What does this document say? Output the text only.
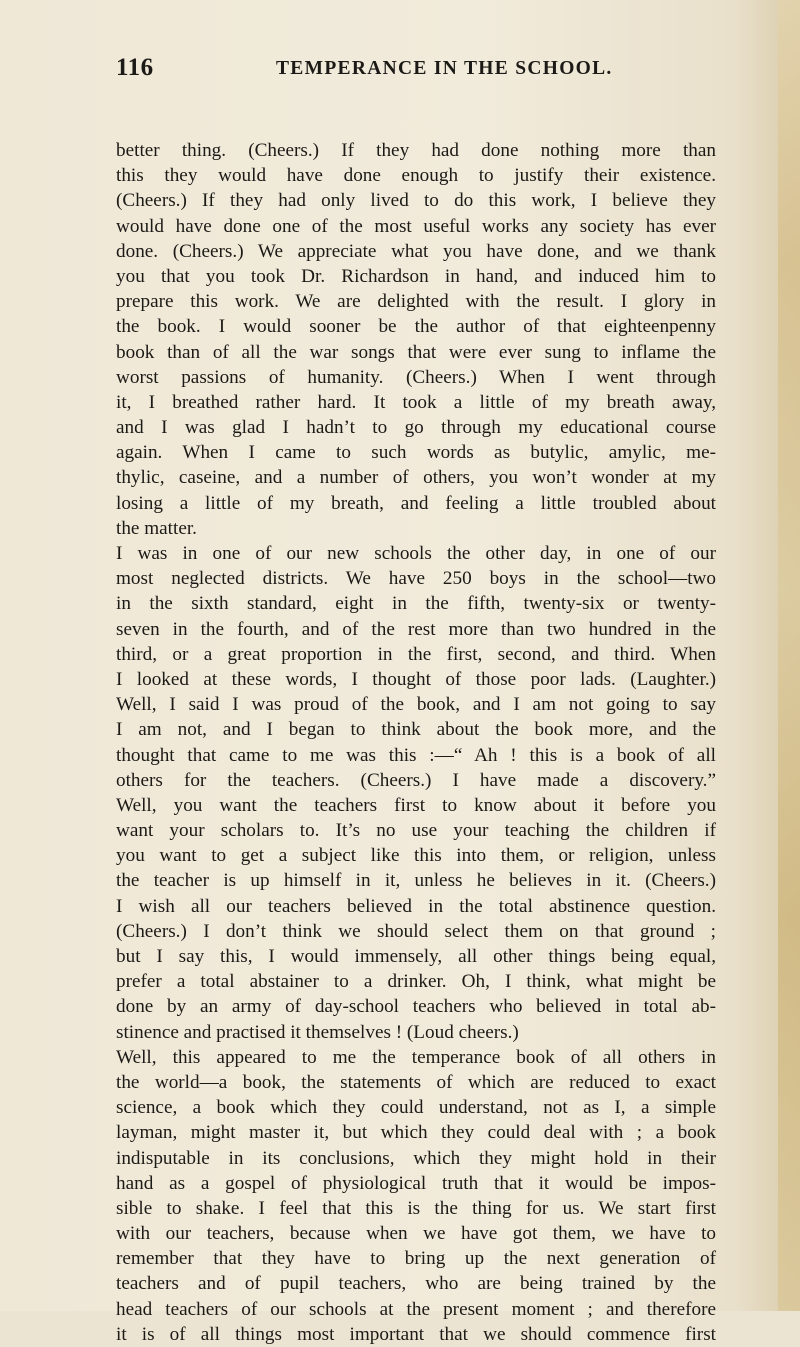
116	TEMPERANCE IN THE SCHOOL.
better thing. (Cheers.) If they had done nothing more than
this they would have done enough to justify their existence.
(Cheers.) If they had only lived to do this work, I believe they
would have done one of the most useful works any society has ever
done. (Cheers.) We appreciate what you have done, and we thank
you that you took Dr. Richardson in hand, and induced him to
prepare this work. We are delighted with the result. I glory in
the book. I would sooner be the author of that eighteenpenny
book than of all the war songs that were ever sung to inflame the
worst passions of humanity. (Cheers.) When I went through
it, I breathed rather hard. It took a little of my breath away,
and I was glad I hadn’t to go through my educational course
again. When I came to such words as butylic, amylic, me-
thylic, caseine, and a number of others, you won’t wonder at my
losing a little of my breath, and feeling a little troubled about
the matter.
I was in one of our new schools the other day, in one of our
most neglected districts. We have 250 boys in the school—two
in the sixth standard, eight in the fifth, twenty-six or twenty-
seven in the fourth, and of the rest more than two hundred in the
third, or a great proportion in the first, second, and third. When
I looked at these words, I thought of those poor lads. (Laughter.)
Well, I said I was proud of the book, and I am not going to say
I am not, and I began to think about the book more, and the
thought that came to me was this :—“ Ah ! this is a book of all
others for the teachers. (Cheers.) I have made a discovery.”
Well, you want the teachers first to know about it before you
want your scholars to. It’s no use your teaching the children if
you want to get a subject like this into them, or religion, unless
the teacher is up himself in it, unless he believes in it. (Cheers.)
I wish all our teachers believed in the total abstinence question.
(Cheers.) I don’t think we should select them on that ground ;
but I say this, I would immensely, all other things being equal,
prefer a total abstainer to a drinker. Oh, I think, what might be
done by an army of day-school teachers who believed in total ab-
stinence and practised it themselves ! (Loud cheers.)
Well, this appeared to me the temperance book of all others in
the world—a book, the statements of which are reduced to exact
science, a book which they could understand, not as I, a simple
layman, might master it, but which they could deal with ; a book
indisputable in its conclusions, which they might hold in their
hand as a gospel of physiological truth that it would be impos-
sible to shake. I feel that this is the thing for us. We start first
with our teachers, because when we have got them, we have to
remember that they have to bring up the next generation of
teachers and of pupil teachers, who are being trained by the
head teachers of our schools at the present moment ; and therefore
it is of all things most important that we should commence first
